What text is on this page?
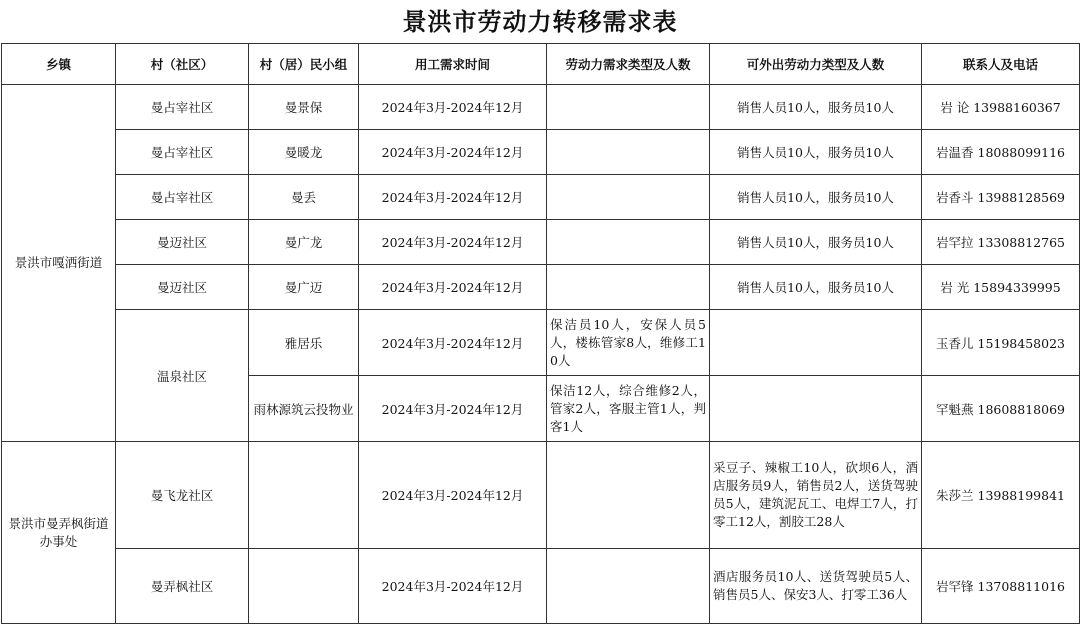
景洪市劳动力转移需求表
乡镇	村（社区）	村（居）民小组	用工需求时间	劳动力需求类型及人数	可外出劳动力类型及人数	联系人及电话
景洪市嘎洒街道	曼占宰社区	曼景保	2024年3月-2024年12月		销售人员10人，服务员10人	岩 论 13988160367
	曼占宰社区	曼暖龙	2024年3月-2024年12月		销售人员10人，服务员10人	岩温香 18088099116
	曼占宰社区	曼丢	2024年3月-2024年12月		销售人员10人，服务员10人	岩香斗 13988128569
	曼迈社区	曼广龙	2024年3月-2024年12月		销售人员10人，服务员10人	岩罕拉 13308812765
	曼迈社区	曼广迈	2024年3月-2024年12月		销售人员10人，服务员10人	岩 光 15894339995
	温泉社区	雅居乐	2024年3月-2024年12月	保洁员10人，安保人员5人，楼栋管家8人，维修工10人		玉香儿 15198458023
		雨林源筑云投物业	2024年3月-2024年12月	保洁12人，综合维修2人，管家2人，客服主管1人，判客1人		罕魁燕 18608818069
景洪市曼弄枫街道办事处	曼飞龙社区		2024年3月-2024年12月		采豆子、辣椒工10人，砍坝6人，酒店服务员9人，销售员2人，送货驾驶员5人，建筑泥瓦工、电焊工7人，打零工12人，割胶工28人	朱莎兰 13988199841
	曼弄枫社区		2024年3月-2024年12月		酒店服务员10人、送货驾驶员5人、销售员5人、保安3人、打零工36人	岩罕锋 13708811016
